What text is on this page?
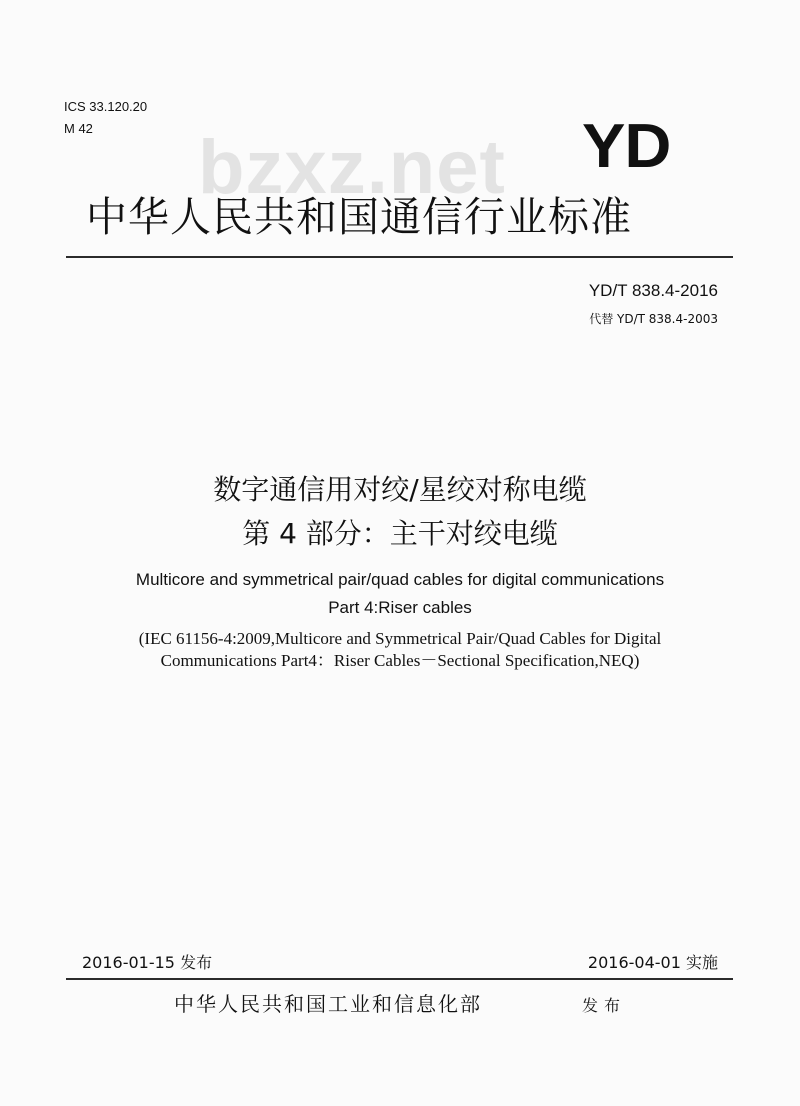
ICS 33.120.20
M 42	bzxz.net YD
中华人民共和国通信行业标准
YD/T 838.4-2016
代替 YD/T 838.4-2003
数字通信用对绞/星绞对称电缆
第 4 部分：主干对绞电缆
Multicore and symmetrical pair/quad cables for digital communications
Part 4:Riser cables
(IEC 61156-4:2009,Multicore and Symmetrical Pair/Quad Cables for Digital
Communications Part4：Riser Cables－Sectional Specification,NEQ)
2016-01-15 发布	2016-04-01 实施
中华人民共和国工业和信息化部	发布
